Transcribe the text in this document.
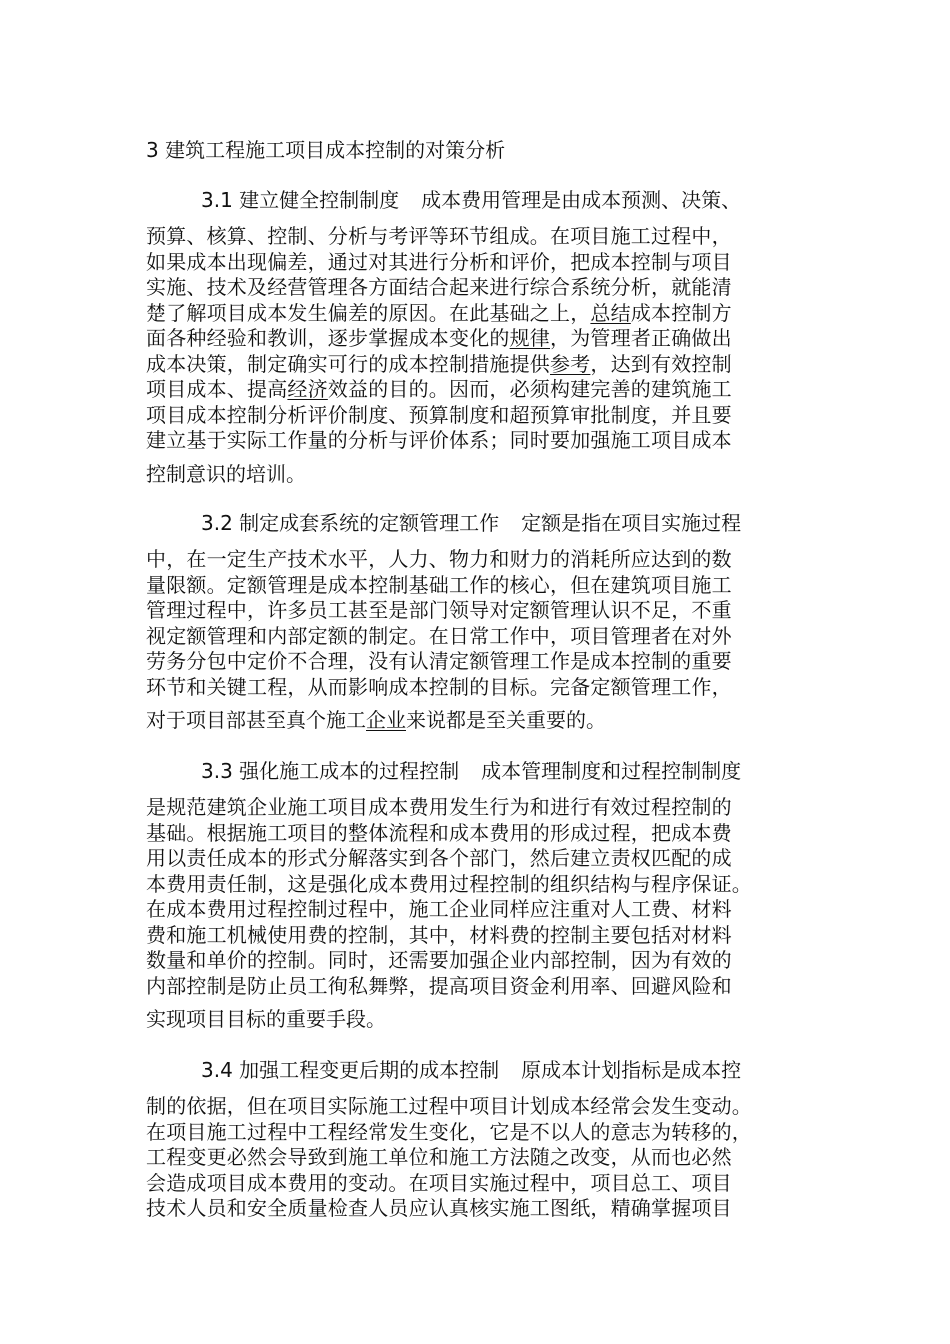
3 建筑工程施工项目成本控制的对策分析
3.1 建立健全控制制度 成本费用管理是由成本预测、决策、
预算、核算、控制、分析与考评等环节组成。在项目施工过程中，
如果成本出现偏差，通过对其进行分析和评价，把成本控制与项目
实施、技术及经营管理各方面结合起来进行综合系统分析，就能清
楚了解项目成本发生偏差的原因。在此基础之上，总结成本控制方
面各种经验和教训，逐步掌握成本变化的规律，为管理者正确做出
成本决策，制定确实可行的成本控制措施提供参考，达到有效控制
项目成本、提高经济效益的目的。因而，必须构建完善的建筑施工
项目成本控制分析评价制度、预算制度和超预算审批制度，并且要
建立基于实际工作量的分析与评价体系；同时要加强施工项目成本
控制意识的培训。
3.2 制定成套系统的定额管理工作 定额是指在项目实施过程
中，在一定生产技术水平，人力、物力和财力的消耗所应达到的数
量限额。定额管理是成本控制基础工作的核心，但在建筑项目施工
管理过程中，许多员工甚至是部门领导对定额管理认识不足，不重
视定额管理和内部定额的制定。在日常工作中，项目管理者在对外
劳务分包中定价不合理，没有认清定额管理工作是成本控制的重要
环节和关键工程，从而影响成本控制的目标。完备定额管理工作，
对于项目部甚至真个施工企业来说都是至关重要的。
3.3 强化施工成本的过程控制 成本管理制度和过程控制制度
是规范建筑企业施工项目成本费用发生行为和进行有效过程控制的
基础。根据施工项目的整体流程和成本费用的形成过程，把成本费
用以责任成本的形式分解落实到各个部门，然后建立责权匹配的成
本费用责任制，这是强化成本费用过程控制的组织结构与程序保证。
在成本费用过程控制过程中，施工企业同样应注重对人工费、材料
费和施工机械使用费的控制，其中，材料费的控制主要包括对材料
数量和单价的控制。同时，还需要加强企业内部控制，因为有效的
内部控制是防止员工徇私舞弊，提高项目资金利用率、回避风险和
实现项目目标的重要手段。
3.4 加强工程变更后期的成本控制 原成本计划指标是成本控
制的依据，但在项目实际施工过程中项目计划成本经常会发生变动。
在项目施工过程中工程经常发生变化，它是不以人的意志为转移的，
工程变更必然会导致到施工单位和施工方法随之改变，从而也必然
会造成项目成本费用的变动。在项目实施过程中，项目总工、项目
技术人员和安全质量检查人员应认真核实施工图纸，精确掌握项目
